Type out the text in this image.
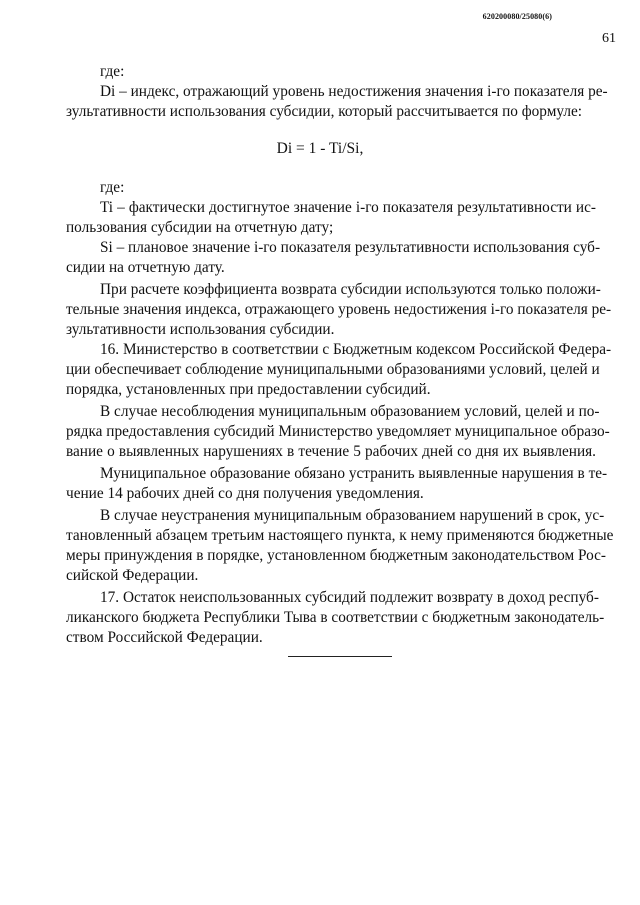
620200080/25080(6)
61
где:
Di – индекс, отражающий уровень недостижения значения i-го показателя ре-
зультативности использования субсидии, который рассчитывается по формуле:
Di = 1 - Ti/Si,
где:
Ti – фактически достигнутое значение i-го показателя результативности ис-
пользования субсидии на отчетную дату;
Si – плановое значение i-го показателя результативности использования суб-
сидии на отчетную дату.
При расчете коэффициента возврата субсидии используются только положи-
тельные значения индекса, отражающего уровень недостижения i-го показателя ре-
зультативности использования субсидии.
16. Министерство в соответствии с Бюджетным кодексом Российской Федера-
ции обеспечивает соблюдение муниципальными образованиями условий, целей и
порядка, установленных при предоставлении субсидий.
В случае несоблюдения муниципальным образованием условий, целей и по-
рядка предоставления субсидий Министерство уведомляет муниципальное образо-
вание о выявленных нарушениях в течение 5 рабочих дней со дня их выявления.
Муниципальное образование обязано устранить выявленные нарушения в те-
чение 14 рабочих дней со дня получения уведомления.
В случае неустранения муниципальным образованием нарушений в срок, ус-
тановленный абзацем третьим настоящего пункта, к нему применяются бюджетные
меры принуждения в порядке, установленном бюджетным законодательством Рос-
сийской Федерации.
17. Остаток неиспользованных субсидий подлежит возврату в доход респуб-
ликанского бюджета Республики Тыва в соответствии с бюджетным законодатель-
ством Российской Федерации.
